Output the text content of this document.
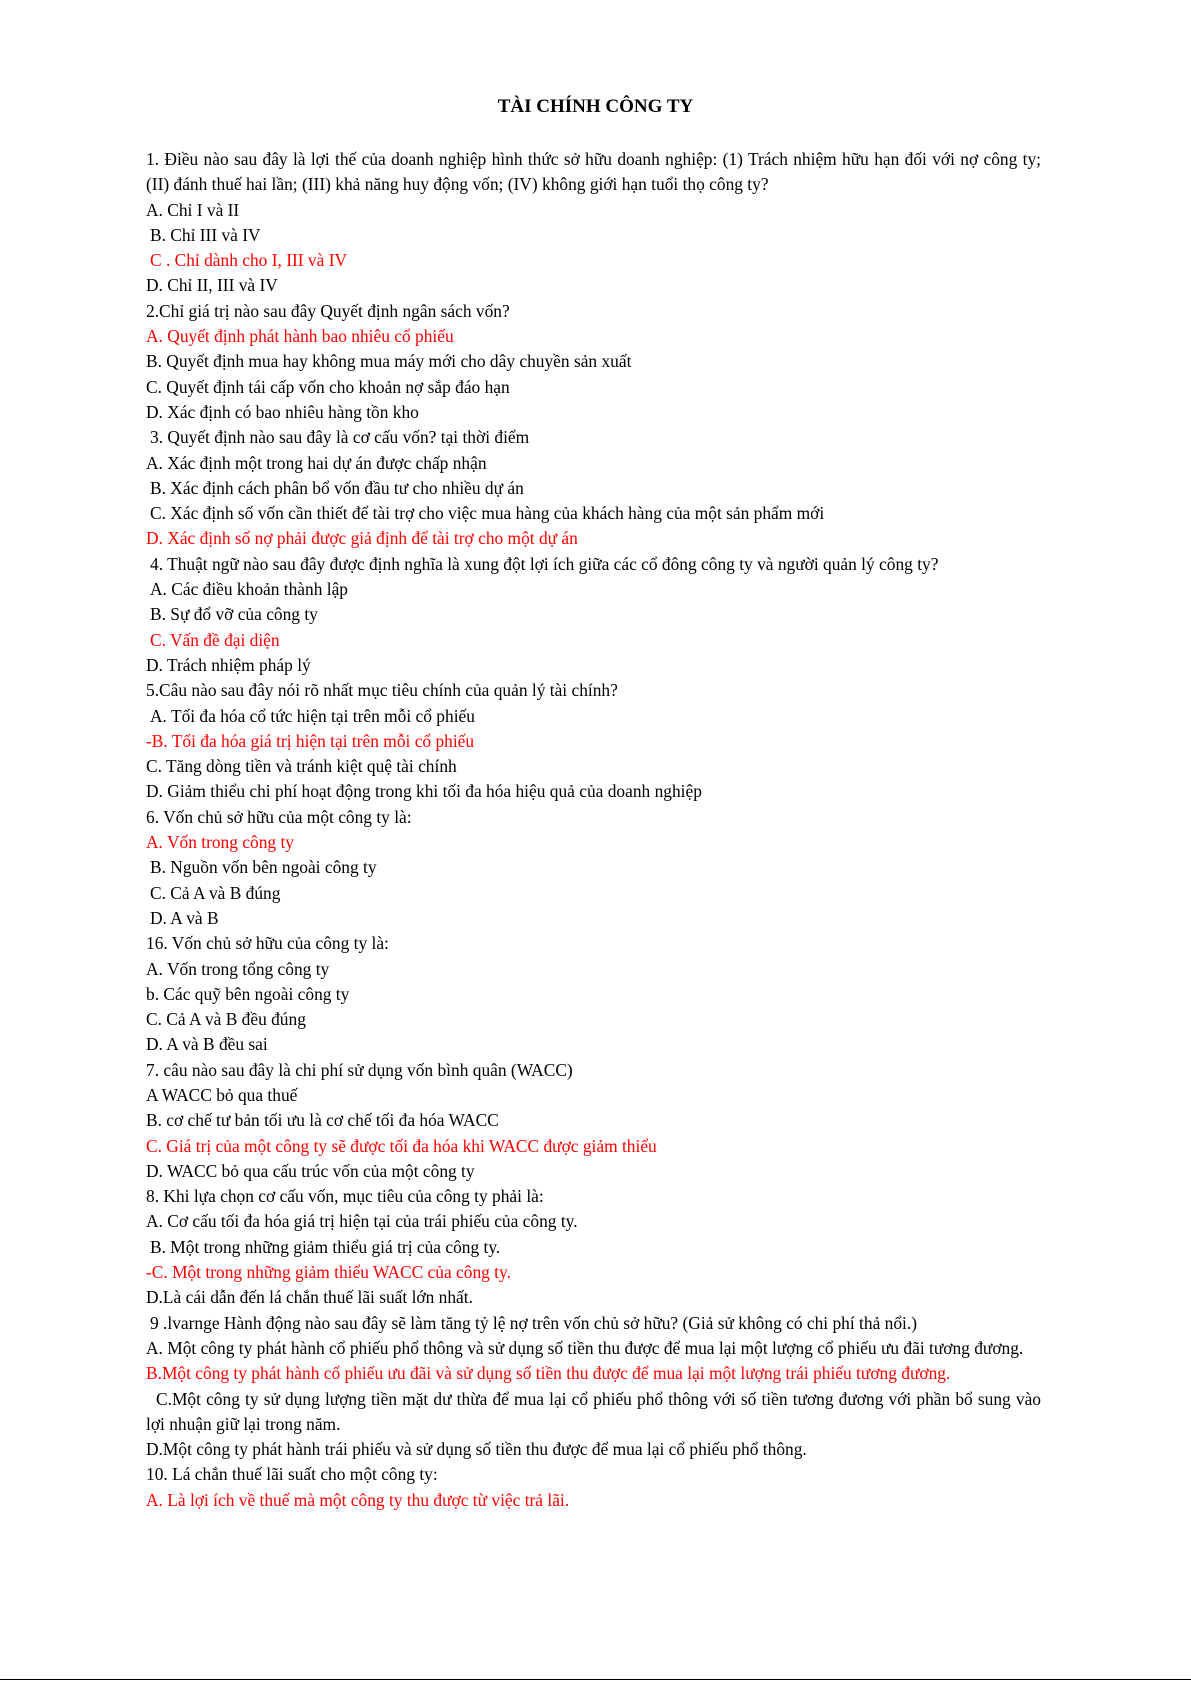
TÀI CHÍNH CÔNG TY
1. Điều nào sau đây là lợi thế của doanh nghiệp hình thức sở hữu doanh nghiệp: (1) Trách nhiệm hữu hạn đối với nợ công ty; (II) đánh thuế hai lần; (III) khả năng huy động vốn; (IV) không giới hạn tuổi thọ công ty?
A. Chỉ I và II
B. Chỉ III và IV
C . Chỉ dành cho I, III và IV
D. Chỉ II, III và IV
2.Chỉ giá trị nào sau đây Quyết định ngân sách vốn?
A. Quyết định phát hành bao nhiêu cổ phiếu
B. Quyết định mua hay không mua máy mới cho dây chuyền sản xuất
C. Quyết định tái cấp vốn cho khoản nợ sắp đáo hạn
D. Xác định có bao nhiêu hàng tồn kho
3. Quyết định nào sau đây là cơ cấu vốn? tại thời điểm
A. Xác định một trong hai dự án được chấp nhận
B. Xác định cách phân bổ vốn đầu tư cho nhiều dự án
C. Xác định số vốn cần thiết để tài trợ cho việc mua hàng của khách hàng của một sản phẩm mới
D. Xác định số nợ phải được giả định để tài trợ cho một dự án
4. Thuật ngữ nào sau đây được định nghĩa là xung đột lợi ích giữa các cổ đông công ty và người quản lý công ty?
A. Các điều khoản thành lập
B. Sự đổ vỡ của công ty
C. Vấn đề đại diện
D. Trách nhiệm pháp lý
5.Câu nào sau đây nói rõ nhất mục tiêu chính của quản lý tài chính?
A. Tối đa hóa cổ tức hiện tại trên mỗi cổ phiếu
-B. Tối đa hóa giá trị hiện tại trên mỗi cổ phiếu
C. Tăng dòng tiền và tránh kiệt quệ tài chính
D. Giảm thiểu chi phí hoạt động trong khi tối đa hóa hiệu quả của doanh nghiệp
6. Vốn chủ sở hữu của một công ty là:
A. Vốn trong công ty
B. Nguồn vốn bên ngoài công ty
C. Cả A và B đúng
D. A và B
16. Vốn chủ sở hữu của công ty là:
A. Vốn trong tổng công ty
b. Các quỹ bên ngoài công ty
C. Cả A và B đều đúng
D. A và B đều sai
7. câu nào sau đây là chi phí sử dụng vốn bình quân (WACC)
A WACC bỏ qua thuế
B. cơ chế tư bản tối ưu là cơ chế tối đa hóa WACC
C. Giá trị của một công ty sẽ được tối đa hóa khi WACC được giảm thiểu
D. WACC bỏ qua cấu trúc vốn của một công ty
8. Khi lựa chọn cơ cấu vốn, mục tiêu của công ty phải là:
A. Cơ cấu tối đa hóa giá trị hiện tại của trái phiếu của công ty.
B. Một trong những giảm thiểu giá trị của công ty.
-C. Một trong những giảm thiểu WACC của công ty.
D.Là cái dẫn đến lá chắn thuế lãi suất lớn nhất.
9 .lvarnge Hành động nào sau đây sẽ làm tăng tỷ lệ nợ trên vốn chủ sở hữu? (Giả sử không có chi phí thả nổi.)
A. Một công ty phát hành cổ phiếu phổ thông và sử dụng số tiền thu được để mua lại một lượng cổ phiếu ưu đãi tương đương.
B.Một công ty phát hành cổ phiếu ưu đãi và sử dụng số tiền thu được để mua lại một lượng trái phiếu tương đương.
C.Một công ty sử dụng lượng tiền mặt dư thừa để mua lại cổ phiếu phổ thông với số tiền tương đương với phần bổ sung vào lợi nhuận giữ lại trong năm.
D.Một công ty phát hành trái phiếu và sử dụng số tiền thu được để mua lại cổ phiếu phổ thông.
10. Lá chắn thuế lãi suất cho một công ty:
A. Là lợi ích về thuế mà một công ty thu được từ việc trả lãi.
